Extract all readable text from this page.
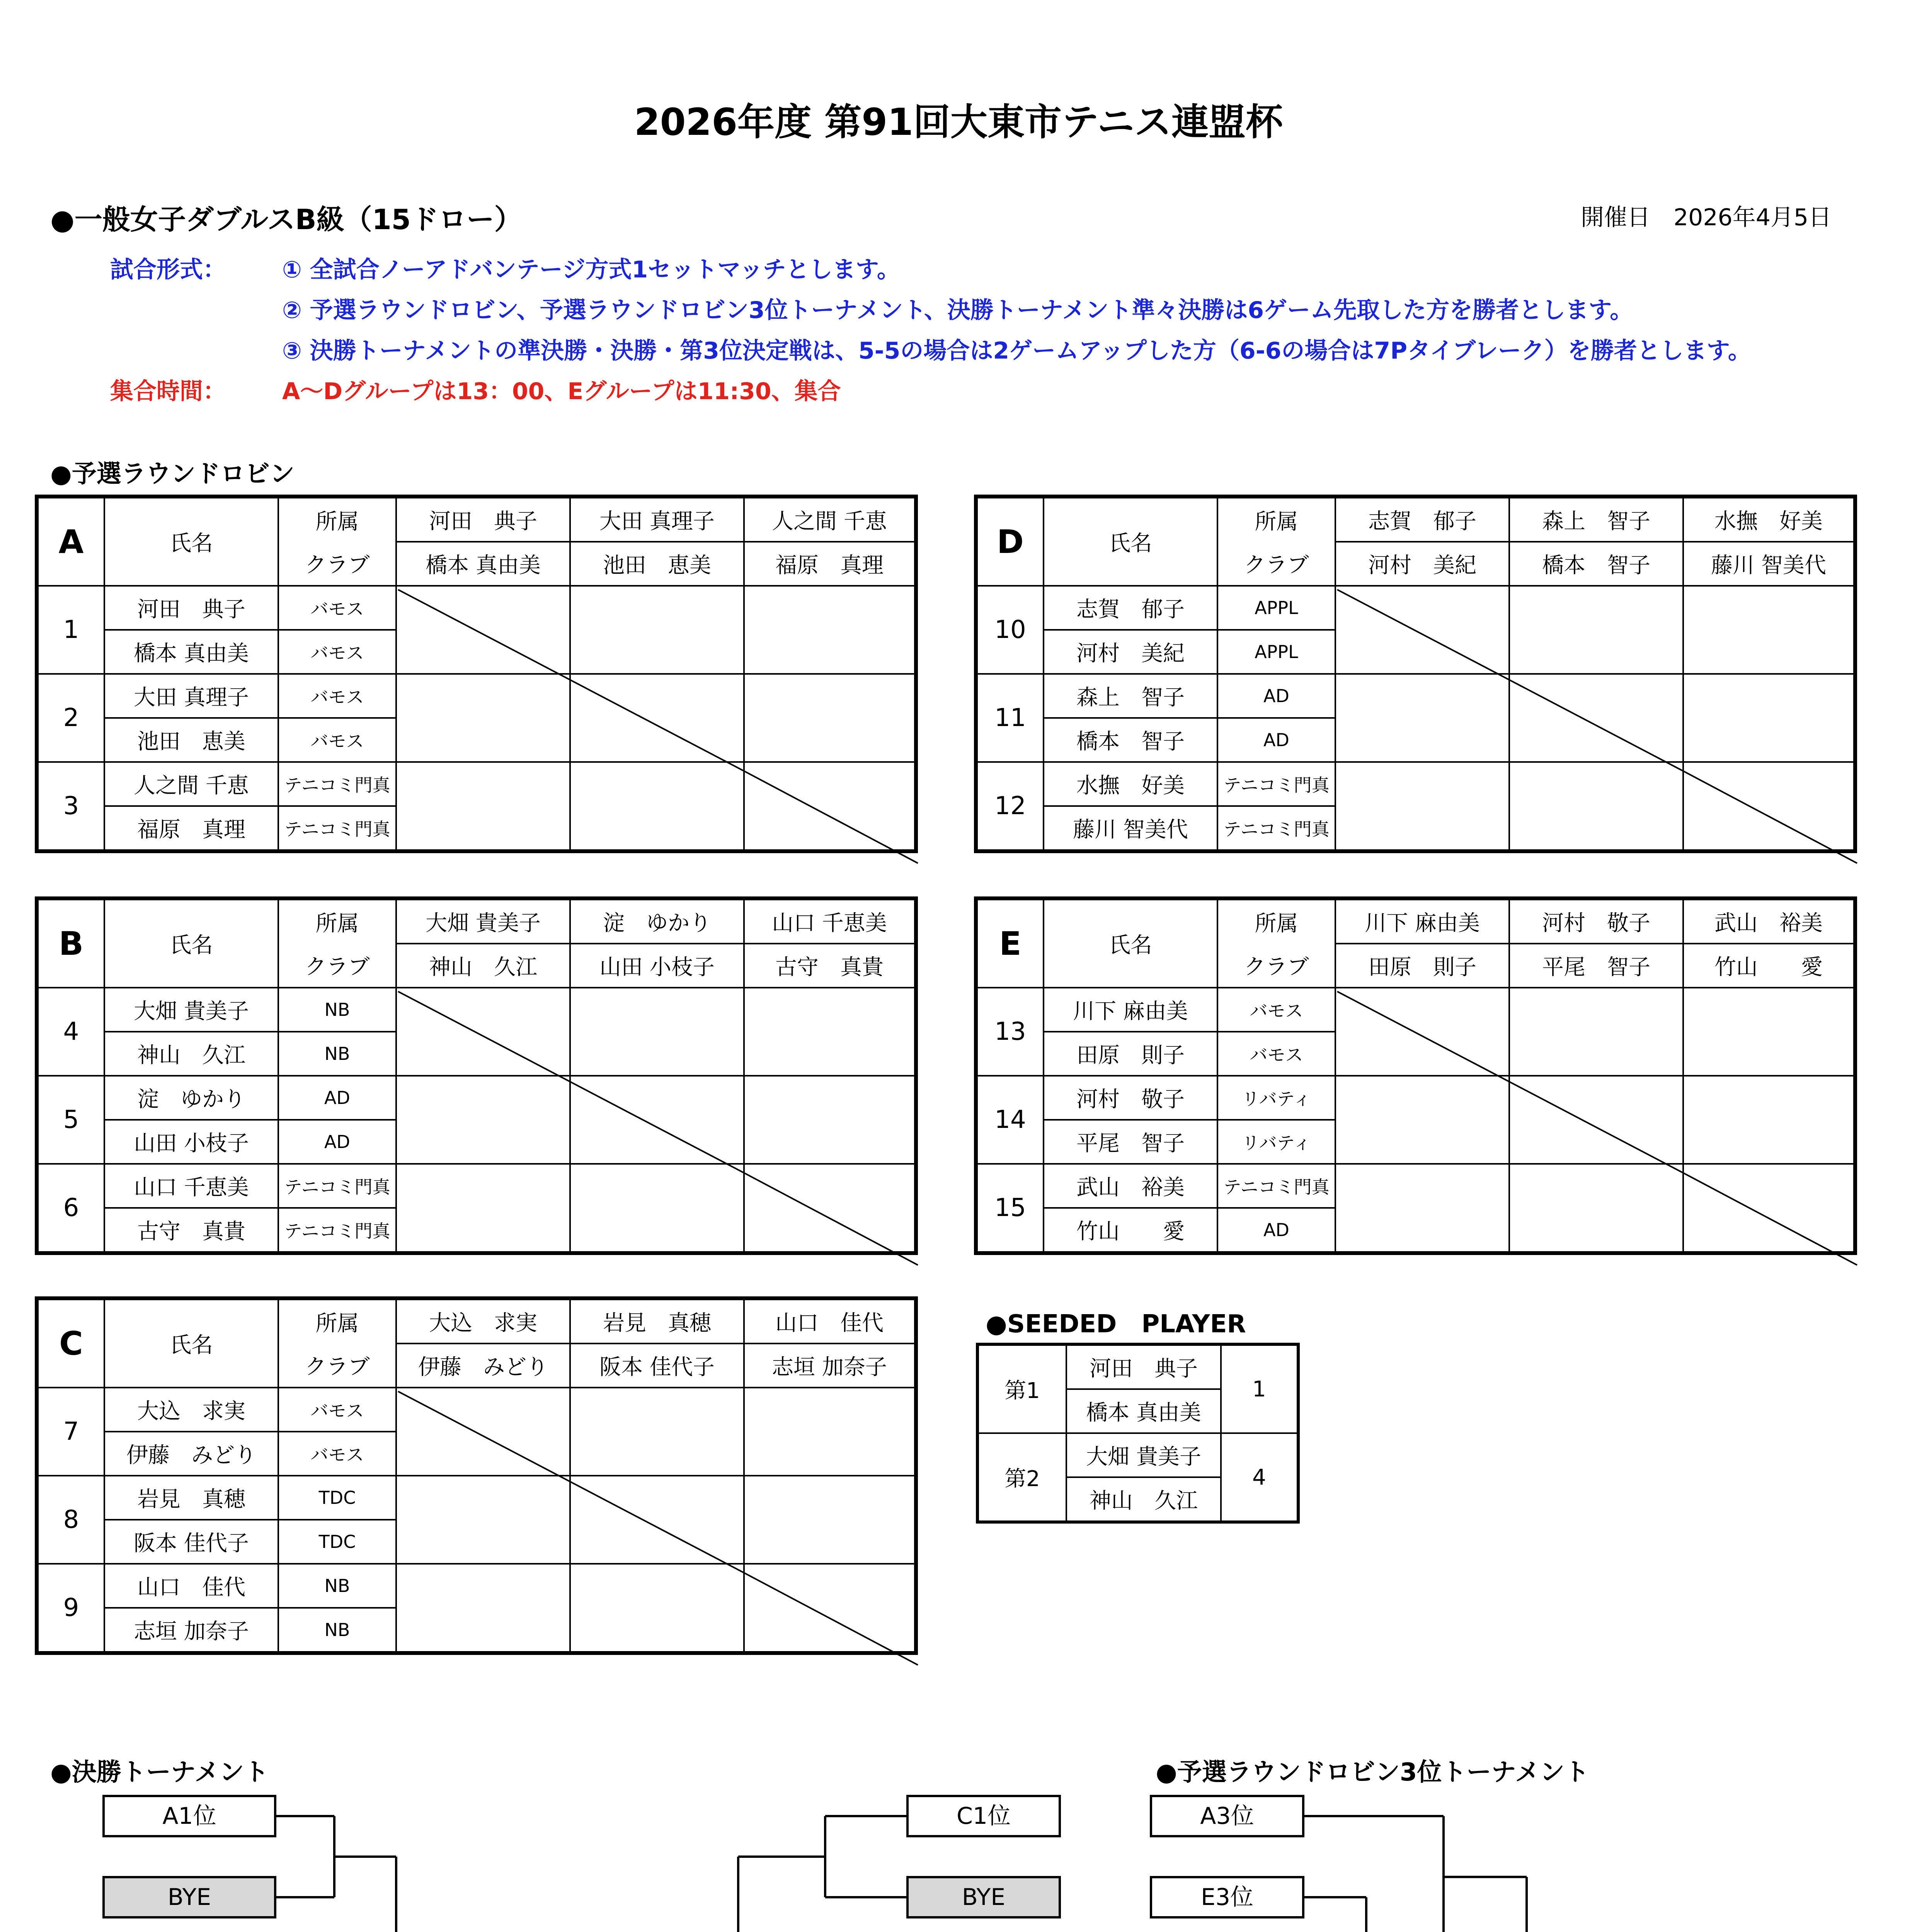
2026年度 第91回大東市テニス連盟杯
●一般女子ダブルスB級（15ドロー）	開催日　2026年4月5日
試合形式： ① 全試合ノーアドバンテージ方式1セットマッチとします。
② 予選ラウンドロビン、予選ラウンドロビン3位トーナメント、決勝トーナメント準々決勝は6ゲーム先取した方を勝者とします。
③ 決勝トーナメントの準決勝・決勝・第3位決定戦は、5-5の場合は2ゲームアップした方（6-6の場合は7Pタイブレーク）を勝者とします。
集合時間： A～Dグループは13：00、Eグループは11:30、集合
●予選ラウンドロビン
A	氏名	所属	河田　典子	大田 真理子	人之間 千恵
		クラブ	橋本 真由美	池田　恵美	福原　真理
1	河田　典子	バモス			
	橋本 真由美	バモス			
2	大田 真理子	バモス			
	池田　恵美	バモス			
3	人之間 千恵	テニコミ門真			
	福原　真理	テニコミ門真			
B	氏名	所属	大畑 貴美子	淀　ゆかり	山口 千恵美
		クラブ	神山　久江	山田 小枝子	古守　真貴
4	大畑 貴美子	NB			
	神山　久江	NB			
5	淀　ゆかり	AD			
	山田 小枝子	AD			
6	山口 千恵美	テニコミ門真			
	古守　真貴	テニコミ門真			
C	氏名	所属	大込　求実	岩見　真穂	山口　佳代
		クラブ	伊藤　みどり	阪本 佳代子	志垣 加奈子
7	大込　求実	バモス			
	伊藤　みどり	バモス			
8	岩見　真穂	TDC			
	阪本 佳代子	TDC			
9	山口　佳代	NB			
	志垣 加奈子	NB			
D	氏名	所属	志賀　郁子	森上　智子	水撫　好美
		クラブ	河村　美紀	橋本　智子	藤川 智美代
10	志賀　郁子	APPL			
	河村　美紀	APPL			
11	森上　智子	AD			
	橋本　智子	AD			
12	水撫　好美	テニコミ門真			
	藤川 智美代	テニコミ門真			
E	氏名	所属	川下 麻由美	河村　敬子	武山　裕美
		クラブ	田原　則子	平尾　智子	竹山　　愛
13	川下 麻由美	バモス			
	田原　則子	バモス			
14	河村　敬子	リバティ			
	平尾　智子	リバティ			
15	武山　裕美	テニコミ門真			
	竹山　　愛	AD			
●SEEDED　PLAYER
第1	河田　典子	1
	橋本 真由美	
第2	大畑 貴美子	4
	神山　久江	
●決勝トーナメント	●予選ラウンドロビン3位トーナメント
A1位
BYE
C1位
BYE
A3位
E3位
